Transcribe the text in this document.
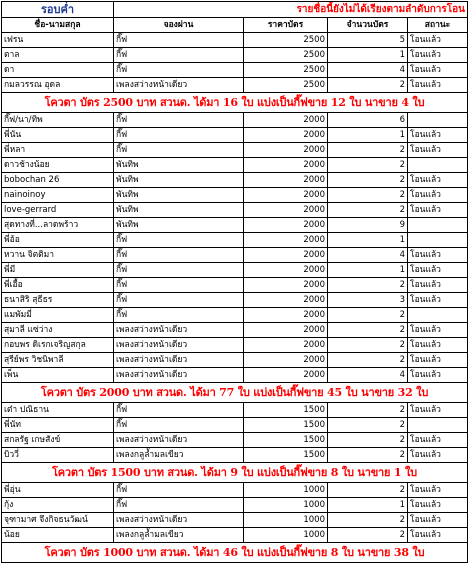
รอบค่ำ	รายชื่อนี้ยังไม่ได้เรียงตามลำดับการโอน			
ชื่อ-นามสกุล	จองผ่าน	ราคาบัตร	จำนวนบัตร	สถานะ
เฟรน	กี๊ฟ	2500	5	โอนแล้ว
ตาล	กี๊ฟ	2500	1	โอนแล้ว
ดา	กี๊ฟ	2500	4	โอนแล้ว
กมลวรรณ อุดล	เพลงสว่างหน้าเดียว	2500	2	โอนแล้ว
โควตา บัตร 2500 บาท สวนด. ได้มา 16 ใบ แบ่งเป็นกี๊ฟขาย 12 ใบ นาขาย 4 ใบ				
กี๊ฟ/นา/ทิพ	กี๊ฟ	2000	6	
พี่นัน	กี๊ฟ	2000	1	โอนแล้ว
พี่หลา	กี๊ฟ	2000	2	โอนแล้ว
ดาวช้างน้อย	พันทิพ	2000	2	
bobochan 26	พันทิพ	2000	2	โอนแล้ว
nainoinoy	พันทิพ	2000	2	โอนแล้ว
love-gerrard	พันทิพ	2000	2	โอนแล้ว
สุดทางที่...ลาดพร้าว	พันทิพ	2000	9	
พี่อ้อ	กี๊ฟ	2000	1	
หวาน จิตติมา	กี๊ฟ	2000	4	โอนแล้ว
พี่มี	กี๊ฟ	2000	1	โอนแล้ว
พี่เอื้อ	กี๊ฟ	2000	2	โอนแล้ว
ธนาสิริ สุธีธร	กี๊ฟ	2000	3	โอนแล้ว
แมพัมมี่	กี๊ฟ	2000	2	
สุมาลี แซ่ว่าง	เพลงสว่างหน้าเดียว	2000	2	โอนแล้ว
กอบพร ดิเรกเจริญสกุล	เพลงสว่างหน้าเดียว	2000	2	โอนแล้ว
สุรีย์พร วิชนิพาลี	เพลงสว่างหน้าเดียว	2000	2	โอนแล้ว
เพ็น	เพลงสว่างหน้าเดียว	2000	4	โอนแล้ว
โควตา บัตร 2000 บาท สวนด. ได้มา 77 ใบ แบ่งเป็นกี๊ฟขาย 45 ใบ นาขาย 32 ใบ				
เต๋า ปณิธาน	กี๊ฟ	1500	2	โอนแล้ว
พี่นัท	กี๊ฟ	1500	2	
สกลรัฐ เกษสังข์	เพลงสว่างหน้าเดียว	1500	2	โอนแล้ว
บิววี่	เพลงกลูล้ำมลเขียว	1500	2	โอนแล้ว
โควตา บัตร 1500 บาท สวนด. ได้มา 9 ใบ แบ่งเป็นกี๊ฟขาย 8 ใบ นาขาย 1 ใบ				
พี่อุ่น	กี๊ฟ	1000	2	โอนแล้ว
กุ้ง	กี๊ฟ	1000	1	โอนแล้ว
จุฑามาศ จึงกิจธนวัฒน์	เพลงสว่างหน้าเดียว	1000	2	โอนแล้ว
น้อย	เพลงกลูล้ำมลเขียว	1000	2	โอนแล้ว
โควตา บัตร 1000 บาท สวนด. ได้มา 46 ใบ แบ่งเป็นกี๊ฟขาย 8 ใบ นาขาย 38 ใบ				
